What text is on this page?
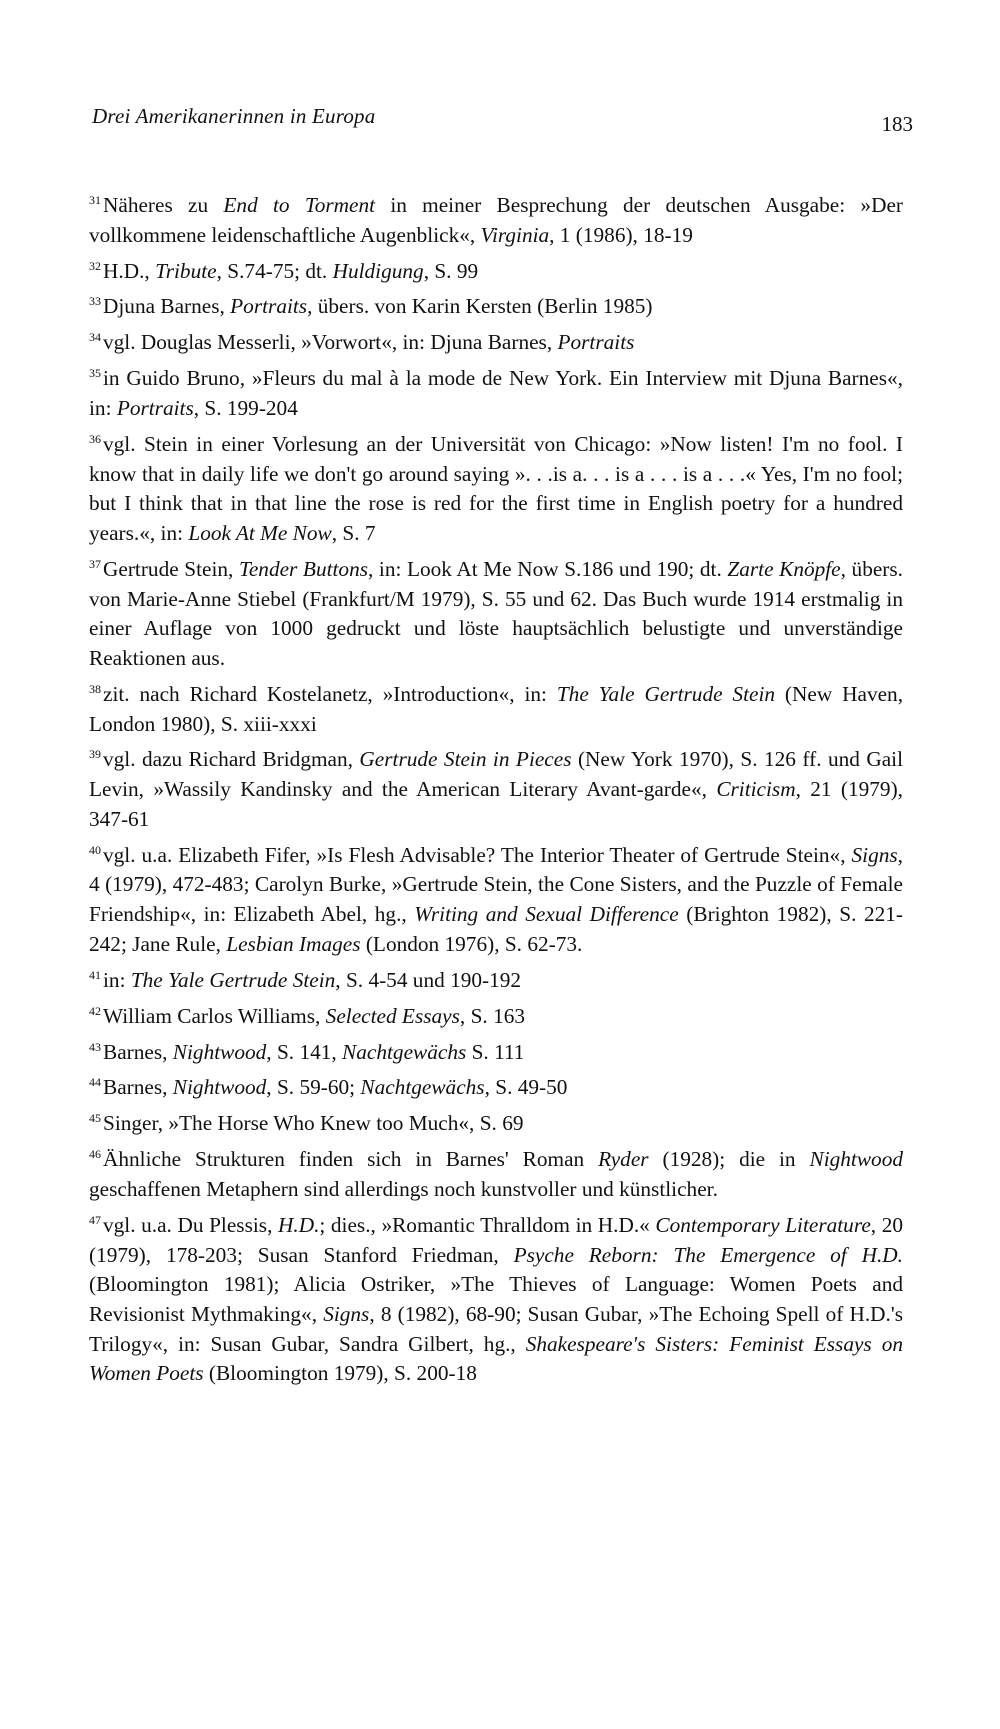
Drei Amerikanerinnen in Europa	183
$^{31}$Näheres zu End to Torment in meiner Besprechung der deutschen Ausgabe: »Der vollkommene leidenschaftliche Augenblick«, Virginia, 1 (1986), 18-19
$^{32}$H.D., Tribute, S.74-75; dt. Huldigung, S. 99
$^{33}$Djuna Barnes, Portraits, übers. von Karin Kersten (Berlin 1985)
$^{34}$vgl. Douglas Messerli, »Vorwort«, in: Djuna Barnes, Portraits
$^{35}$in Guido Bruno, »Fleurs du mal à la mode de New York. Ein Interview mit Djuna Barnes«, in: Portraits, S. 199-204
$^{36}$vgl. Stein in einer Vorlesung an der Universität von Chicago: »Now listen! I'm no fool. I know that in daily life we don't go around saying ». . .is a. . . is a . . . is a . . .« Yes, I'm no fool; but I think that in that line the rose is red for the first time in English poetry for a hundred years.«, in: Look At Me Now, S. 7
$^{37}$Gertrude Stein, Tender Buttons, in: Look At Me Now S.186 und 190; dt. Zarte Knöpfe, übers. von Marie-Anne Stiebel (Frankfurt/M 1979), S. 55 und 62. Das Buch wurde 1914 erstmalig in einer Auflage von 1000 gedruckt und löste hauptsächlich belustigte und unverständige Reaktionen aus.
$^{38}$zit. nach Richard Kostelanetz, »Introduction«, in: The Yale Gertrude Stein (New Haven, London 1980), S. xiii-xxxi
$^{39}$vgl. dazu Richard Bridgman, Gertrude Stein in Pieces (New York 1970), S. 126 ff. und Gail Levin, »Wassily Kandinsky and the American Literary Avant-garde«, Criticism, 21 (1979), 347-61
$^{40}$vgl. u.a. Elizabeth Fifer, »Is Flesh Advisable? The Interior Theater of Gertrude Stein«, Signs, 4 (1979), 472-483; Carolyn Burke, »Gertrude Stein, the Cone Sisters, and the Puzzle of Female Friendship«, in: Elizabeth Abel, hg., Writing and Sexual Difference (Brighton 1982), S. 221-242; Jane Rule, Lesbian Images (London 1976), S. 62-73.
$^{41}$in: The Yale Gertrude Stein, S. 4-54 und 190-192
$^{42}$William Carlos Williams, Selected Essays, S. 163
$^{43}$Barnes, Nightwood, S. 141, Nachtgewächs S. 111
$^{44}$Barnes, Nightwood, S. 59-60; Nachtgewächs, S. 49-50
$^{45}$Singer, »The Horse Who Knew too Much«, S. 69
$^{46}$Ähnliche Strukturen finden sich in Barnes' Roman Ryder (1928); die in Nightwood geschaffenen Metaphern sind allerdings noch kunstvoller und künstlicher.
$^{47}$vgl. u.a. Du Plessis, H.D.; dies., »Romantic Thralldom in H.D.« Contemporary Literature, 20 (1979), 178-203; Susan Stanford Friedman, Psyche Reborn: The Emergence of H.D. (Bloomington 1981); Alicia Ostriker, »The Thieves of Language: Women Poets and Revisionist Mythmaking«, Signs, 8 (1982), 68-90; Susan Gubar, »The Echoing Spell of H.D.'s Trilogy«, in: Susan Gubar, Sandra Gilbert, hg., Shakespeare's Sisters: Feminist Essays on Women Poets (Bloomington 1979), S. 200-18
